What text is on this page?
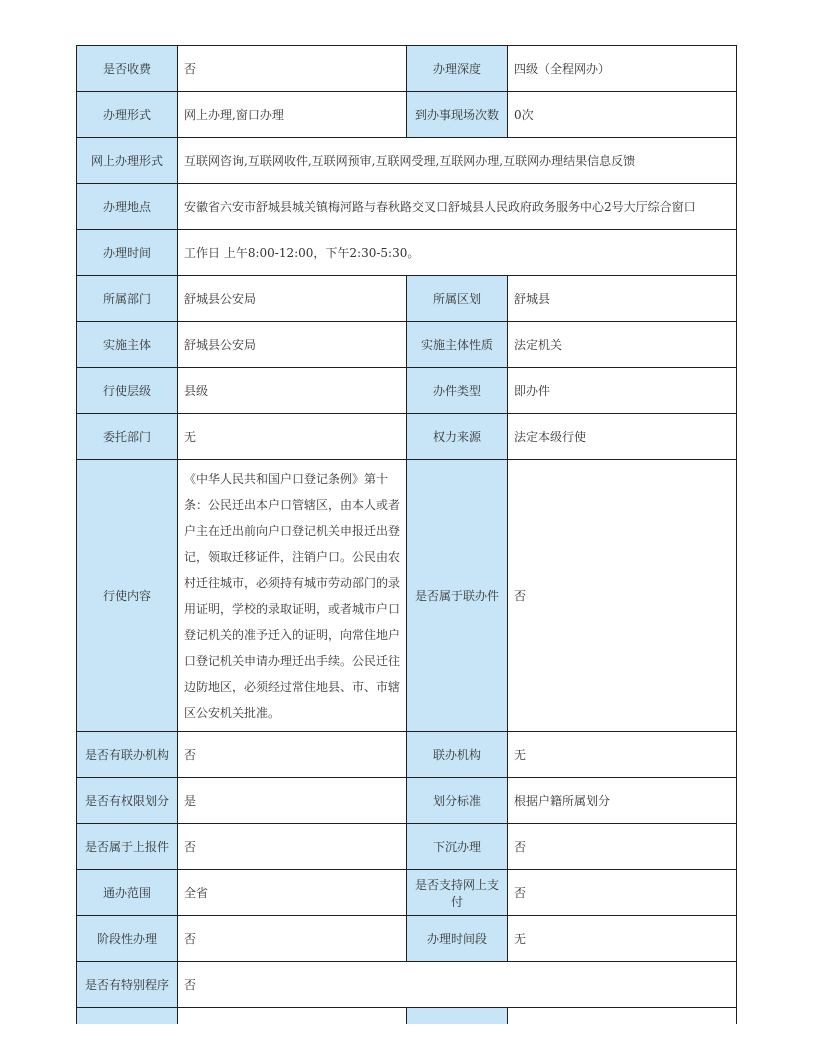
是否收费	否	办理深度	四级（全程网办）
办理形式	网上办理,窗口办理	到办事现场次数	0次
网上办理形式	互联网咨询,互联网收件,互联网预审,互联网受理,互联网办理,互联网办理结果信息反馈		
办理地点	安徽省六安市舒城县城关镇梅河路与春秋路交叉口舒城县人民政府政务服务中心2号大厅综合窗口		
办理时间	工作日 上午8:00-12:00，下午2:30-5:30。		
所属部门	舒城县公安局	所属区划	舒城县
实施主体	舒城县公安局	实施主体性质	法定机关
行使层级	县级	办件类型	即办件
委托部门	无	权力来源	法定本级行使
行使内容	《中华人民共和国户口登记条例》第十条：公民迁出本户口管辖区，由本人或者户主在迁出前向户口登记机关申报迁出登记，领取迁移证件，注销户口。公民由农村迁往城市，必须持有城市劳动部门的录用证明，学校的录取证明，或者城市户口登记机关的准予迁入的证明，向常住地户口登记机关申请办理迁出手续。公民迁往边防地区，必须经过常住地县、市、市辖区公安机关批准。	是否属于联办件	否
是否有联办机构	否	联办机构	无
是否有权限划分	是	划分标准	根据户籍所属划分
是否属于上报件	否	下沉办理	否
通办范围	全省	是否支持网上支付	否
阶段性办理	否	办理时间段	无
是否有特别程序	否		
